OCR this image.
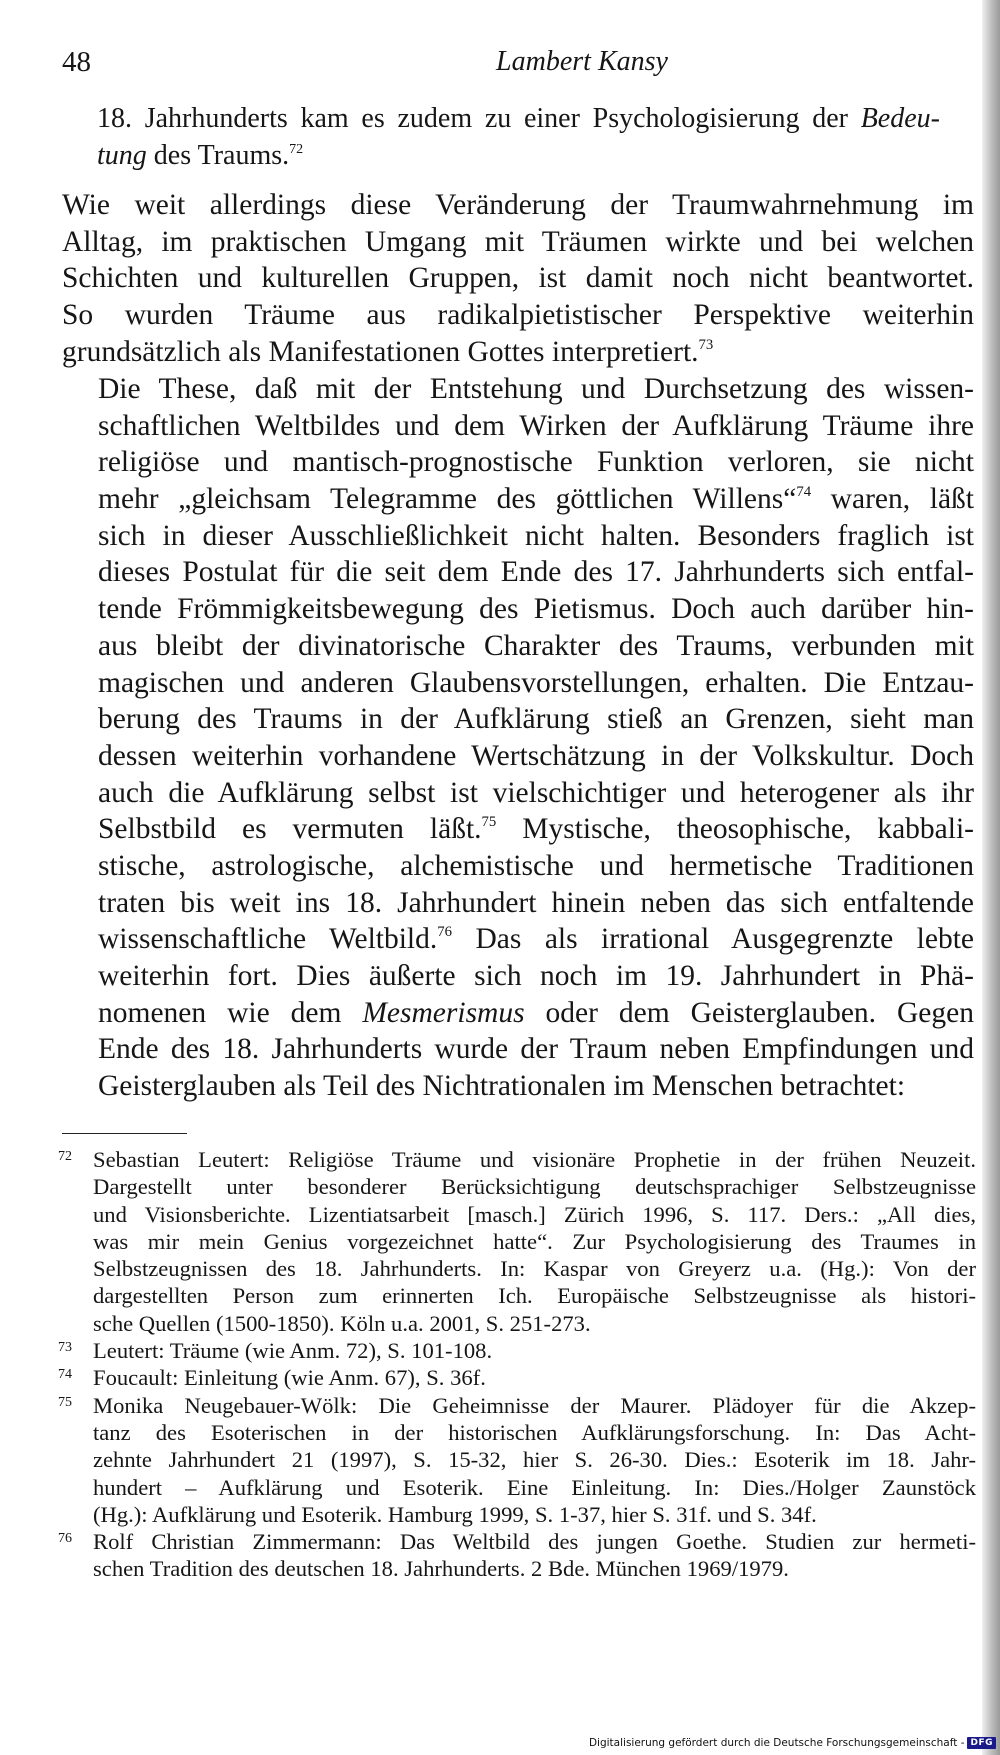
48	Lambert Kansy
18. Jahrhunderts kam es zudem zu einer Psychologisierung der Bedeu-
tung des Traums.$^{72}$
Wie weit allerdings diese Veränderung der Traumwahrnehmung im
Alltag, im praktischen Umgang mit Träumen wirkte und bei welchen
Schichten und kulturellen Gruppen, ist damit noch nicht beantwortet.
So wurden Träume aus radikalpietistischer Perspektive weiterhin
grundsätzlich als Manifestationen Gottes interpretiert.$^{73}$
Die These, daß mit der Entstehung und Durchsetzung des wissen-
schaftlichen Weltbildes und dem Wirken der Aufklärung Träume ihre
religiöse und mantisch-prognostische Funktion verloren, sie nicht
mehr „gleichsam Telegramme des göttlichen Willens“$^{74}$ waren, läßt
sich in dieser Ausschließlichkeit nicht halten. Besonders fraglich ist
dieses Postulat für die seit dem Ende des 17. Jahrhunderts sich entfal-
tende Frömmigkeitsbewegung des Pietismus. Doch auch darüber hin-
aus bleibt der divinatorische Charakter des Traums, verbunden mit
magischen und anderen Glaubensvorstellungen, erhalten. Die Entzau-
berung des Traums in der Aufklärung stieß an Grenzen, sieht man
dessen weiterhin vorhandene Wertschätzung in der Volkskultur. Doch
auch die Aufklärung selbst ist vielschichtiger und heterogener als ihr
Selbstbild es vermuten läßt.$^{75}$ Mystische, theosophische, kabbali-
stische, astrologische, alchemistische und hermetische Traditionen
traten bis weit ins 18. Jahrhundert hinein neben das sich entfaltende
wissenschaftliche Weltbild.$^{76}$ Das als irrational Ausgegrenzte lebte
weiterhin fort. Dies äußerte sich noch im 19. Jahrhundert in Phä-
nomenen wie dem Mesmerismus oder dem Geisterglauben. Gegen
Ende des 18. Jahrhunderts wurde der Traum neben Empfindungen und
Geisterglauben als Teil des Nichtrationalen im Menschen betrachtet:
72 Sebastian Leutert: Religiöse Träume und visionäre Prophetie in der frühen Neuzeit.
Dargestellt unter besonderer Berücksichtigung deutschsprachiger Selbstzeugnisse
und Visionsberichte. Lizentiatsarbeit [masch.] Zürich 1996, S. 117. Ders.: „All dies,
was mir mein Genius vorgezeichnet hatte“. Zur Psychologisierung des Traumes in
Selbstzeugnissen des 18. Jahrhunderts. In: Kaspar von Greyerz u.a. (Hg.): Von der
dargestellten Person zum erinnerten Ich. Europäische Selbstzeugnisse als histori-
sche Quellen (1500-1850). Köln u.a. 2001, S. 251-273.
73 Leutert: Träume (wie Anm. 72), S. 101-108.
74 Foucault: Einleitung (wie Anm. 67), S. 36f.
75 Monika Neugebauer-Wölk: Die Geheimnisse der Maurer. Plädoyer für die Akzep-
tanz des Esoterischen in der historischen Aufklärungsforschung. In: Das Acht-
zehnte Jahrhundert 21 (1997), S. 15-32, hier S. 26-30. Dies.: Esoterik im 18. Jahr-
hundert – Aufklärung und Esoterik. Eine Einleitung. In: Dies./Holger Zaunstöck
(Hg.): Aufklärung und Esoterik. Hamburg 1999, S. 1-37, hier S. 31f. und S. 34f.
76 Rolf Christian Zimmermann: Das Weltbild des jungen Goethe. Studien zur hermeti-
schen Tradition des deutschen 18. Jahrhunderts. 2 Bde. München 1969/1979.
Digitalisierung gefördert durch die Deutsche Forschungsgemeinschaft - DFG
